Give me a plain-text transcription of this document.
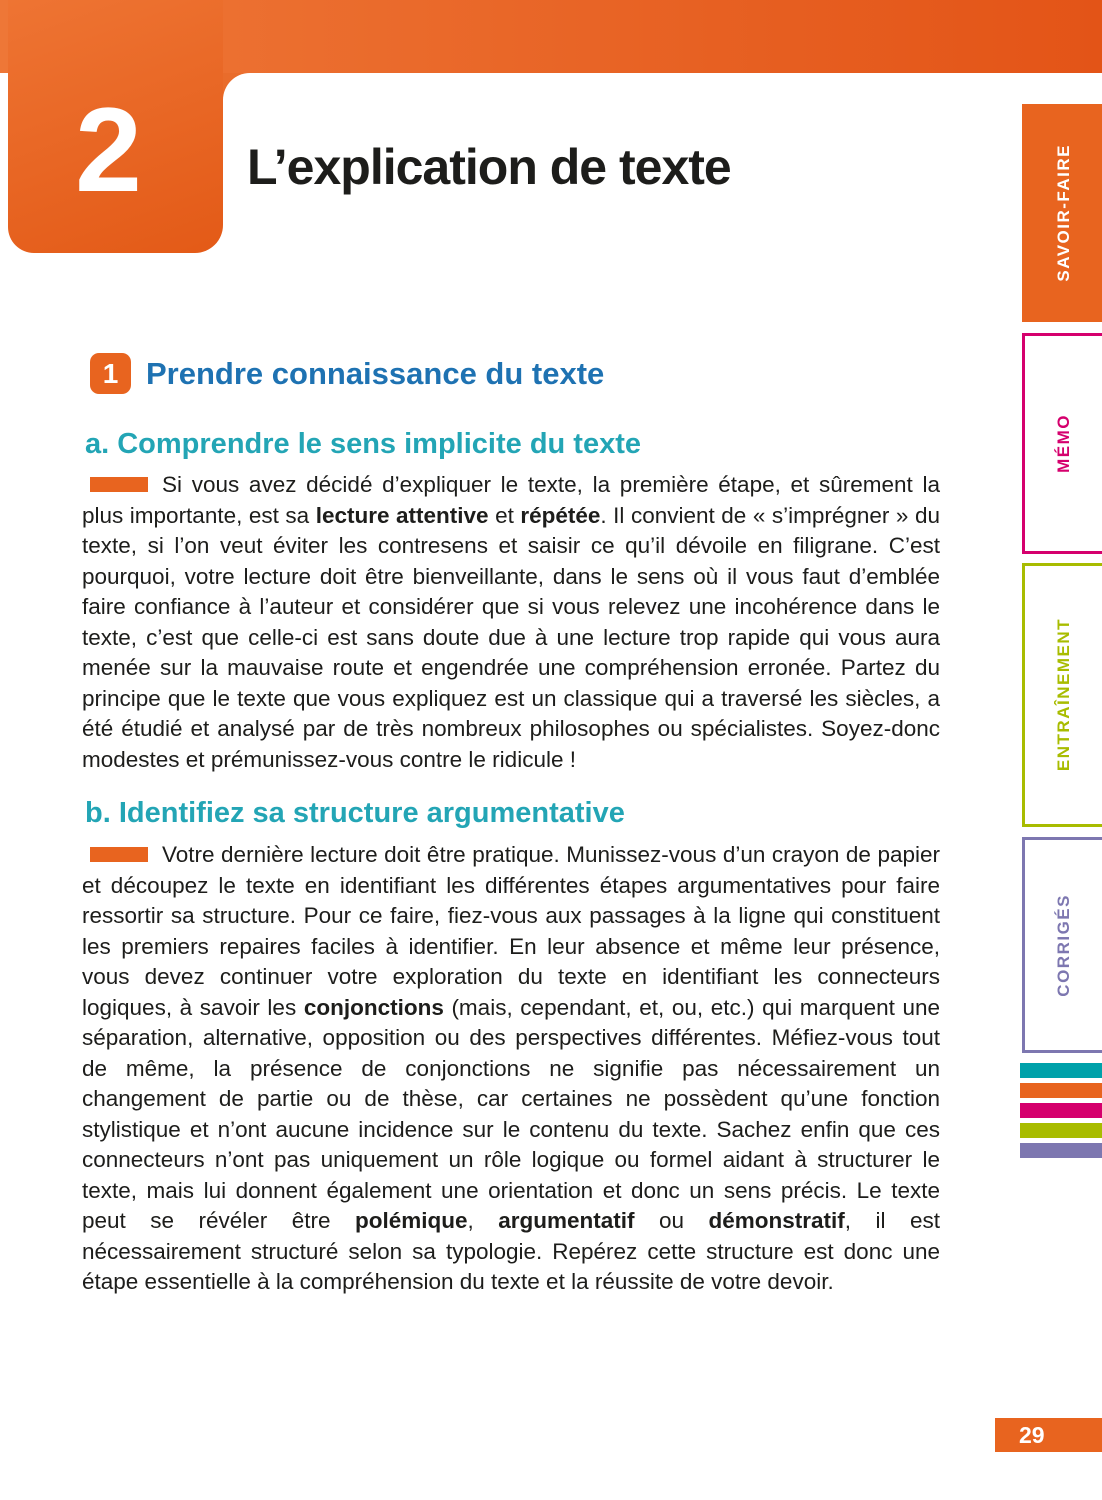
2 L’explication de texte
1 Prendre connaissance du texte
a. Comprendre le sens implicite du texte

Si vous avez décidé d’expliquer le texte, la première étape, et sûrement la plus importante, est sa lecture attentive et répétée. Il convient de « s’imprégner » du texte, si l’on veut éviter les contresens et saisir ce qu’il dévoile en filigrane. C’est pourquoi, votre lecture doit être bienveillante, dans le sens où il vous faut d’emblée faire confiance à l’auteur et considérer que si vous relevez une incohérence dans le texte, c’est que celle-ci est sans doute due à une lecture trop rapide qui vous aura menée sur la mauvaise route et engendrée une compréhension erronée. Partez du principe que le texte que vous expliquez est un classique qui a traversé les siècles, a été étudié et analysé par de très nombreux philosophes ou spécialistes. Soyez-donc modestes et prémunissez-vous contre le ridicule !

b. Identifiez sa structure argumentative

Votre dernière lecture doit être pratique. Munissez-vous d’un crayon de papier et découpez le texte en identifiant les différentes étapes argumentatives pour faire ressortir sa structure. Pour ce faire, fiez-vous aux passages à la ligne qui constituent les premiers repaires faciles à identifier. En leur absence et même leur présence, vous devez continuer votre exploration du texte en identifiant les connecteurs logiques, à savoir les conjonctions (mais, cependant, et, ou, etc.) qui marquent une séparation, alternative, opposition ou des perspectives différentes. Méfiez-vous tout de même, la présence de conjonctions ne signifie pas nécessairement un changement de partie ou de thèse, car certaines ne possèdent qu’une fonction stylistique et n’ont aucune incidence sur le contenu du texte. Sachez enfin que ces connecteurs n’ont pas uniquement un rôle logique ou formel aidant à structurer le texte, mais lui donnent également une orientation et donc un sens précis. Le texte peut se révéler être polémique, argumentatif ou démonstratif, il est nécessairement structuré selon sa typologie. Repérez cette structure est donc une étape essentielle à la compréhension du texte et la réussite de votre devoir.

SAVOIR-FAIRE
MÉMO
ENTRAÎNEMENT
CORRIGÉS
29
